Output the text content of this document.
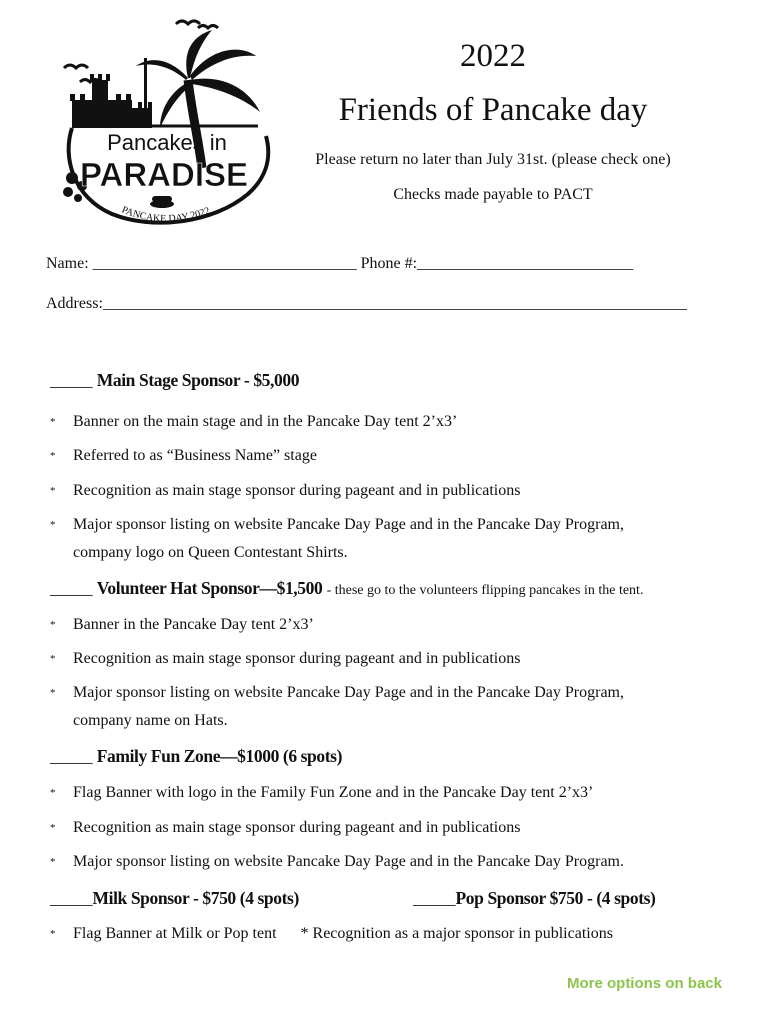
Pancakes in
PARADISE
PANCAKE DAY 2022
2022
Friends of Pancake day
Please return no later than July 31st. (please check one)
Checks made payable to PACT
Name: _________________________________ Phone #:___________________________
Address:_________________________________________________________________________
_____ Main Stage Sponsor - $5,000
* Banner on the main stage and in the Pancake Day tent 2’x3’
* Referred to as “Business Name” stage
* Recognition as main stage sponsor during pageant and in publications
* Major sponsor listing on website Pancake Day Page and in the Pancake Day Program,
company logo on Queen Contestant Shirts.
_____ Volunteer Hat Sponsor—$1,500 - these go to the volunteers flipping pancakes in the tent.
* Banner in the Pancake Day tent 2’x3’
* Recognition as main stage sponsor during pageant and in publications
* Major sponsor listing on website Pancake Day Page and in the Pancake Day Program,
company name on Hats.
_____ Family Fun Zone—$1000 (6 spots)
* Flag Banner with logo in the Family Fun Zone and in the Pancake Day tent 2’x3’
* Recognition as main stage sponsor during pageant and in publications
* Major sponsor listing on website Pancake Day Page and in the Pancake Day Program.
_____Milk Sponsor - $750 (4 spots)	_____Pop Sponsor $750 - (4 spots)
* Flag Banner at Milk or Pop tent * Recognition as a major sponsor in publications
More options on back
